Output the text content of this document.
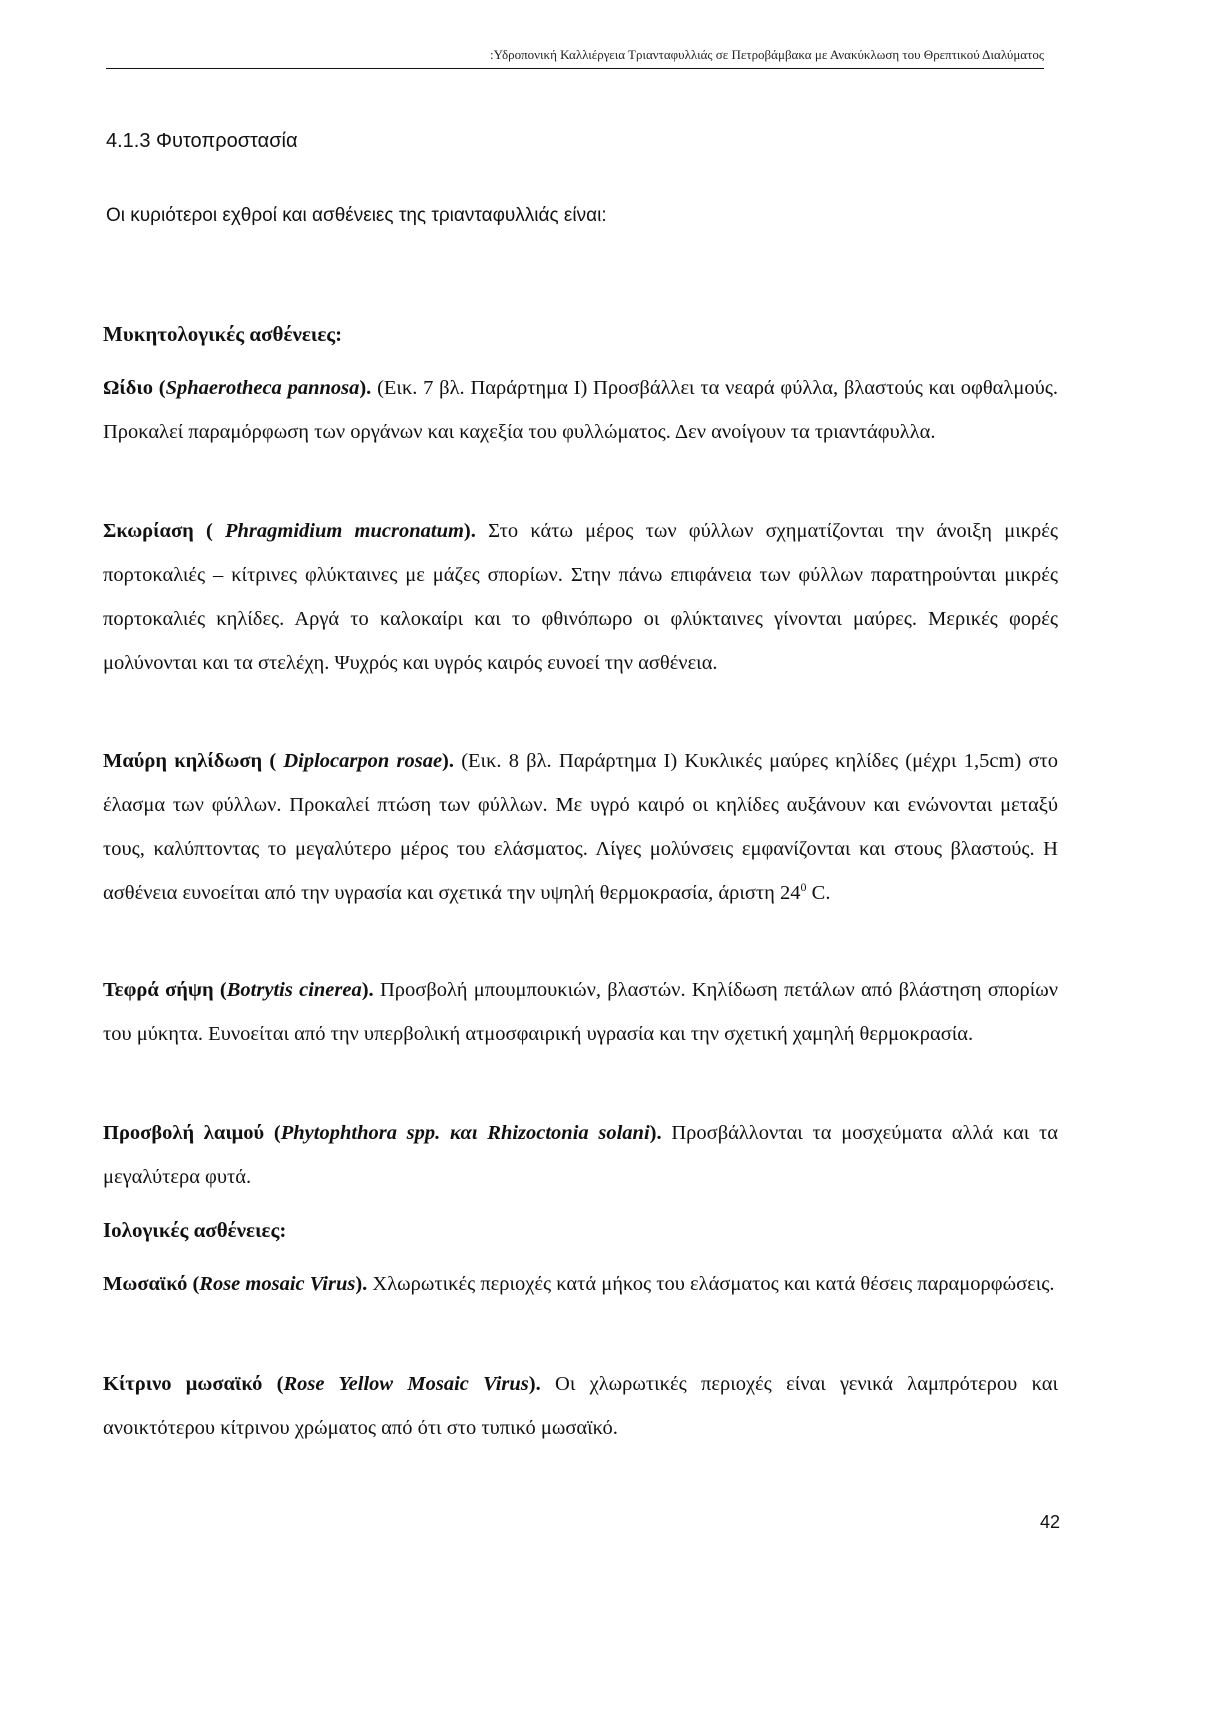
:Υδροπονική Καλλιέργεια Τριανταφυλλιάς σε Πετροβάμβακα με Ανακύκλωση του Θρεπτικού Διαλύματος
4.1.3 Φυτοπροστασία
Οι κυριότεροι εχθροί και ασθένειες της τριανταφυλλιάς είναι:
Μυκητολογικές ασθένειες:

Ωίδιο (Sphaerotheca pannosa). (Εικ. 7 βλ. Παράρτημα Ι) Προσβάλλει τα νεαρά φύλλα, βλαστούς και οφθαλμούς. Προκαλεί παραμόρφωση των οργάνων και καχεξία του φυλλώματος. Δεν ανοίγουν τα τριαντάφυλλα.

Σκωρίαση ( Phragmidium mucronatum). Στο κάτω μέρος των φύλλων σχηματίζονται την άνοιξη μικρές πορτοκαλιές – κίτρινες φλύκταινες με μάζες σπορίων. Στην πάνω επιφάνεια των φύλλων παρατηρούνται μικρές πορτοκαλιές κηλίδες. Αργά το καλοκαίρι και το φθινόπωρο οι φλύκταινες γίνονται μαύρες. Μερικές φορές μολύνονται και τα στελέχη. Ψυχρός και υγρός καιρός ευνοεί την ασθένεια.

Μαύρη κηλίδωση ( Diplocarpon rosae). (Εικ. 8 βλ. Παράρτημα Ι) Κυκλικές μαύρες κηλίδες (μέχρι 1,5cm) στο έλασμα των φύλλων. Προκαλεί πτώση των φύλλων. Με υγρό καιρό οι κηλίδες αυξάνουν και ενώνονται μεταξύ τους, καλύπτοντας το μεγαλύτερο μέρος του ελάσματος. Λίγες μολύνσεις εμφανίζονται και στους βλαστούς. Η ασθένεια ευνοείται από την υγρασία και σχετικά την υψηλή θερμοκρασία, άριστη $24^0$ C.

Τεφρά σήψη (Botrytis cinerea). Προσβολή μπουμπουκιών, βλαστών. Κηλίδωση πετάλων από βλάστηση σπορίων του μύκητα. Ευνοείται από την υπερβολική ατμοσφαιρική υγρασία και την σχετική χαμηλή θερμοκρασία.

Προσβολή λαιμού (Phytophthora spp. και Rhizoctonia solani). Προσβάλλονται τα μοσχεύματα αλλά και τα μεγαλύτερα φυτά.

Ιολογικές ασθένειες:

Μωσαϊκό (Rose mosaic Virus). Χλωρωτικές περιοχές κατά μήκος του ελάσματος και κατά θέσεις παραμορφώσεις.

Κίτρινο μωσαϊκό (Rose Yellow Mosaic Virus). Οι χλωρωτικές περιοχές είναι γενικά λαμπρότερου και ανοικτότερου κίτρινου χρώματος από ότι στο τυπικό μωσαϊκό.

42
